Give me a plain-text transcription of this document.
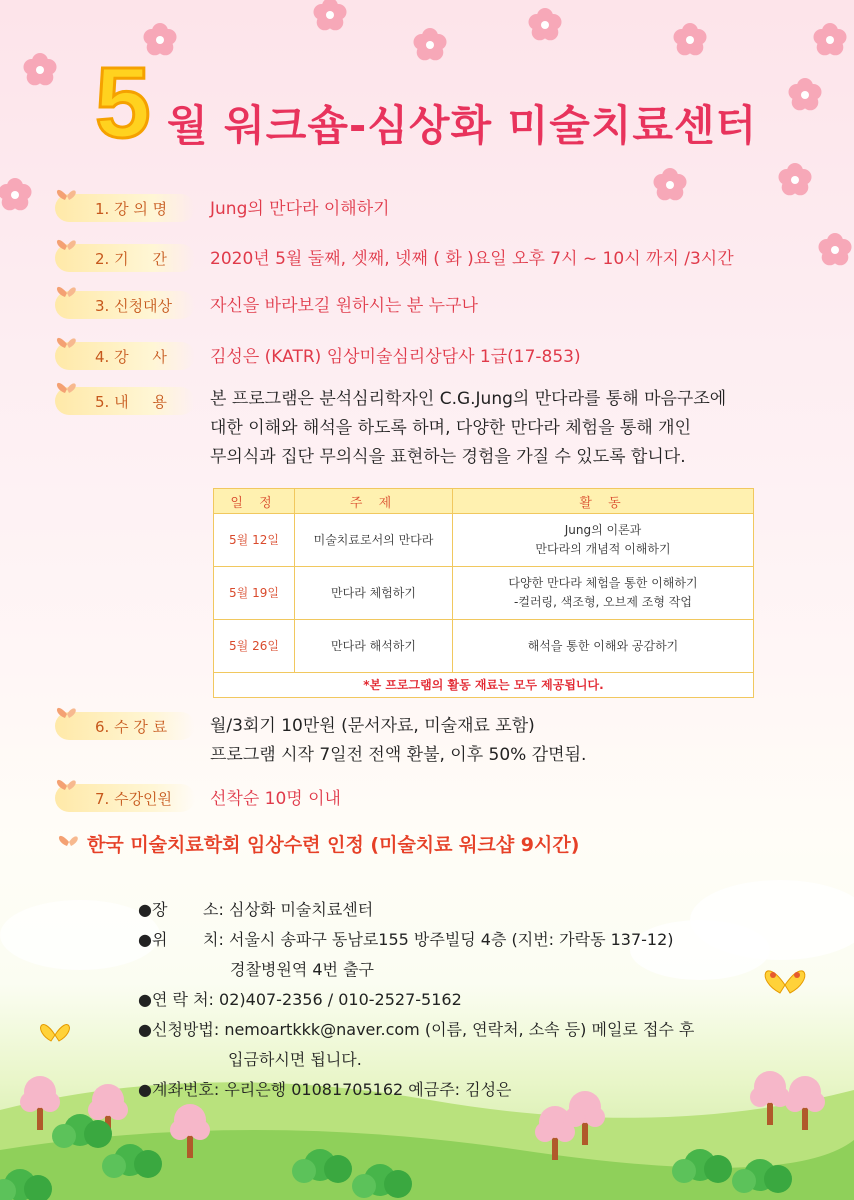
5 월 워크숍-심상화 미술치료센터
1. 강 의 명	Jung의 만다라 이해하기
2. 기     간	2020년 5월 둘째, 셋째, 넷째 ( 화 )요일 오후 7시 ~ 10시 까지 /3시간
3. 신청대상 자신을 바라보길 원하시는 분 누구나
4. 강     사	김성은 (KATR) 임상미술심리상담사 1급(17-853)
5. 내     용	본 프로그램은 분석심리학자인 C.G.Jung의 만다라를 통해 마음구조에
대한 이해와 해석을 하도록 하며, 다양한 만다라 체험을 통해 개인
무의식과 집단 무의식을 표현하는 경험을 가질 수 있도록 합니다.
일 정	주 제	활 동
5월 12일	미술치료로서의 만다라	Jung의 이론과
만다라의 개념적 이해하기

5월 19일	만다라 체험하기	다양한 만다라 체험을 통한 이해하기
-컬러링, 색조형, 오브제 조형 작업

5월 26일	만다라 해석하기	해석을 통한 이해와 공감하기

*본 프로그램의 활동 재료는 모두 제공됩니다.		
6. 수 강 료	월/3회기 10만원 (문서자료, 미술재료 포함)
프로그램 시작 7일전 전액 환불, 이후 50% 감면됨.
7. 수강인원 선착순 10명 이내
한국 미술치료학회 임상수련 인정 (미술치료 워크샵 9시간)
●장       소: 심상화 미술치료센터
●위       치: 서울시 송파구 동남로155 방주빌딩 4층 (지번: 가락동 137-12)
경찰병원역 4번 출구
●연 락 처: 02)407-2356 / 010-2527-5162
●신청방법: nemoartkkk@naver.com (이름, 연락처, 소속 등) 메일로 접수 후
입금하시면 됩니다.
●계좌번호: 우리은행 01081705162 예금주: 김성은
